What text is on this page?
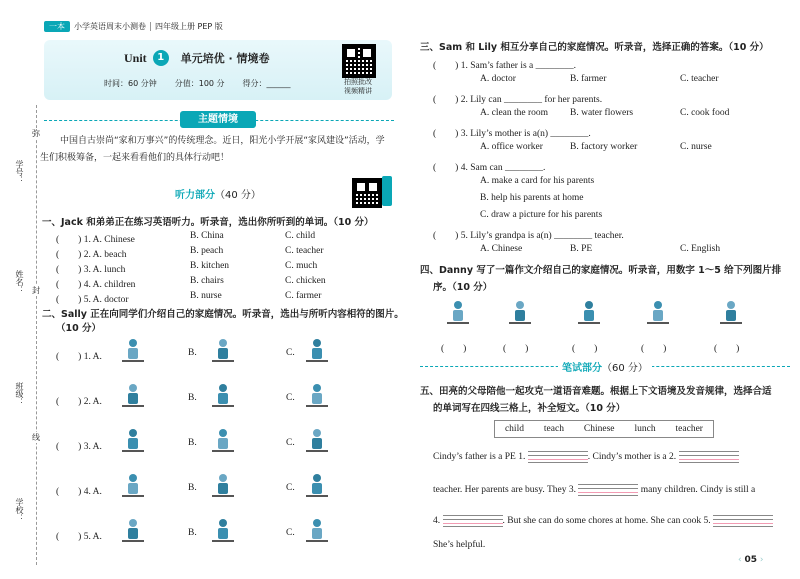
一本	小学英语周末小测卷 四年级上册 PEP 版
Unit	1	单元培优 · 情境卷
时间：60 分钟 分值：100 分 得分：______	拍照批改
视频精讲
学号：
姓名：
班级：
学校：
弥
封
线
主题情境
中国自古崇尚“家和万事兴”的传统理念。近日，阳光小学开展“家风建设”活动，学生们积极筹备，一起来看看他们的具体行动吧！
听力部分（40 分）
一、Jack 和弟弟正在练习英语听力。听录音，选出你所听到的单词。（10 分）
(　　) 1. A. Chinese	B. China	C. child
(　　) 2. A. beach	B. peach	C. teacher
(　　) 3. A. lunch	B. kitchen	C. much
(　　) 4. A. children	B. chairs	C. chicken
(　　) 5. A. doctor	B. nurse	C. farmer
二、Sally 正在向同学们介绍自己的家庭情况。听录音，选出与所听内容相符的图片。
（10 分）
(　　) 1. A.	B.	C.
(　　) 2. A.	B.	C.
(　　) 3. A.	B.	C.
(　　) 4. A.	B.	C.
(　　) 5. A.	B.	C.
三、Sam 和 Lily 相互分享自己的家庭情况。听录音，选择正确的答案。（10 分）
(　　) 1. Sam’s father is a ________.
A. doctor	B. farmer	C. teacher
(　　) 2. Lily can ________ for her parents.
A. clean the room B. water flowers	C. cook food
(　　) 3. Lily’s mother is a(n) ________.
A. office worker	B. factory worker	C. nurse
(　　) 4. Sam can ________.
A. make a card for his parents
B. help his parents at home
C. draw a picture for his parents
(　　) 5. Lily’s grandpa is a(n) ________ teacher.
A. Chinese	B. PE	C. English
四、Danny 写了一篇作文介绍自己的家庭情况。听录音，用数字 1～5 给下列图片排
序。（10 分）
(　　)	(　　)	(　　)	(　　)	(　　)
笔试部分（60 分）
五、田亮的父母陪他一起攻克一道语音难题。根据上下文语境及发音规律，选择合适
的单词写在四线三格上，补全短文。（10 分）
child teach Chinese lunch teacher
Cindy’s father is a PE 1.	. Cindy’s mother is a 2.
teacher. Her parents are busy. They 3.	many children. Cindy is still a
4.	. But she can do some chores at home. She can cook 5.
She’s helpful.
‹ 05 ›
